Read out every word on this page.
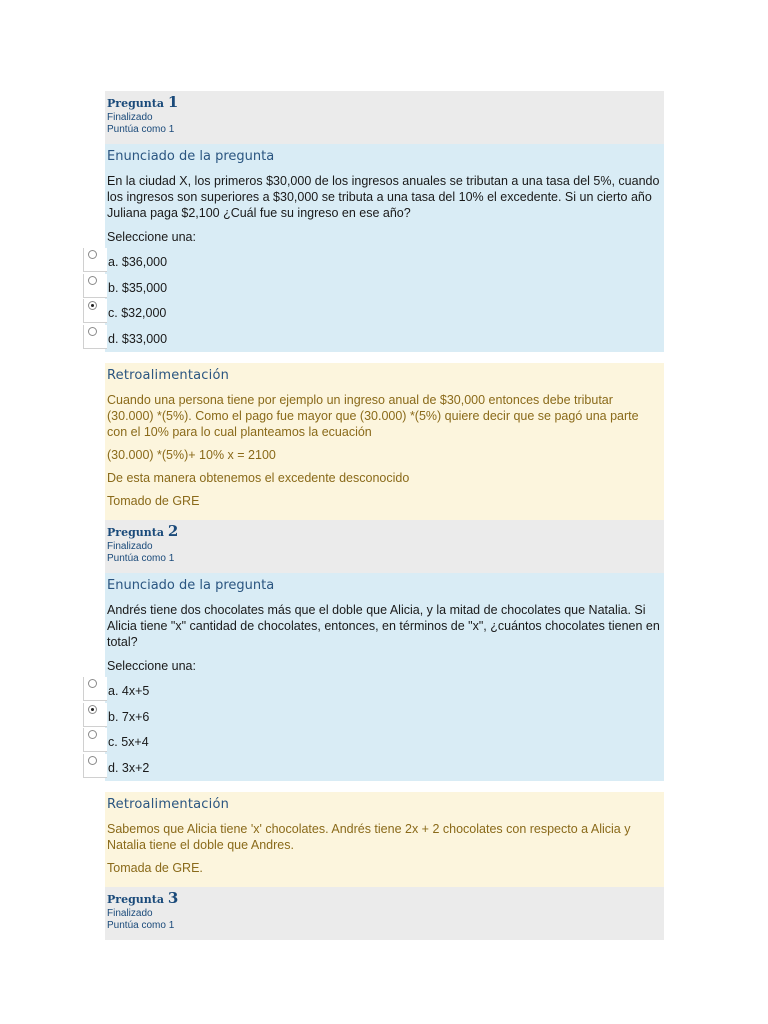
Pregunta 1
Finalizado
Puntúa como 1
Enunciado de la pregunta
En la ciudad X, los primeros $30,000 de los ingresos anuales se tributan a una tasa del 5%, cuando los ingresos son superiores a $30,000 se tributa a una tasa del 10% el excedente. Si un cierto año Juliana paga $2,100 ¿Cuál fue su ingreso en ese año?
Seleccione una:
a. $36,000
b. $35,000
c. $32,000
d. $33,000
Retroalimentación
Cuando una persona tiene por ejemplo un ingreso anual de $30,000 entonces debe tributar (30.000) *(5%). Como el pago fue mayor que (30.000) *(5%) quiere decir que se pagó una parte con el 10% para lo cual planteamos la ecuación
(30.000) *(5%)+ 10% x = 2100
De esta manera obtenemos el excedente desconocido
Tomado de GRE
Pregunta 2
Finalizado
Puntúa como 1
Enunciado de la pregunta
Andrés tiene dos chocolates más que el doble que Alicia, y la mitad de chocolates que Natalia. Si Alicia tiene "x" cantidad de chocolates, entonces, en términos de "x", ¿cuántos chocolates tienen en total?
Seleccione una:
a. 4x+5
b. 7x+6
c. 5x+4
d. 3x+2
Retroalimentación
Sabemos que Alicia tiene 'x' chocolates. Andrés tiene 2x + 2 chocolates con respecto a Alicia y Natalia tiene el doble que Andres.
Tomada de GRE.
Pregunta 3
Finalizado
Puntúa como 1
